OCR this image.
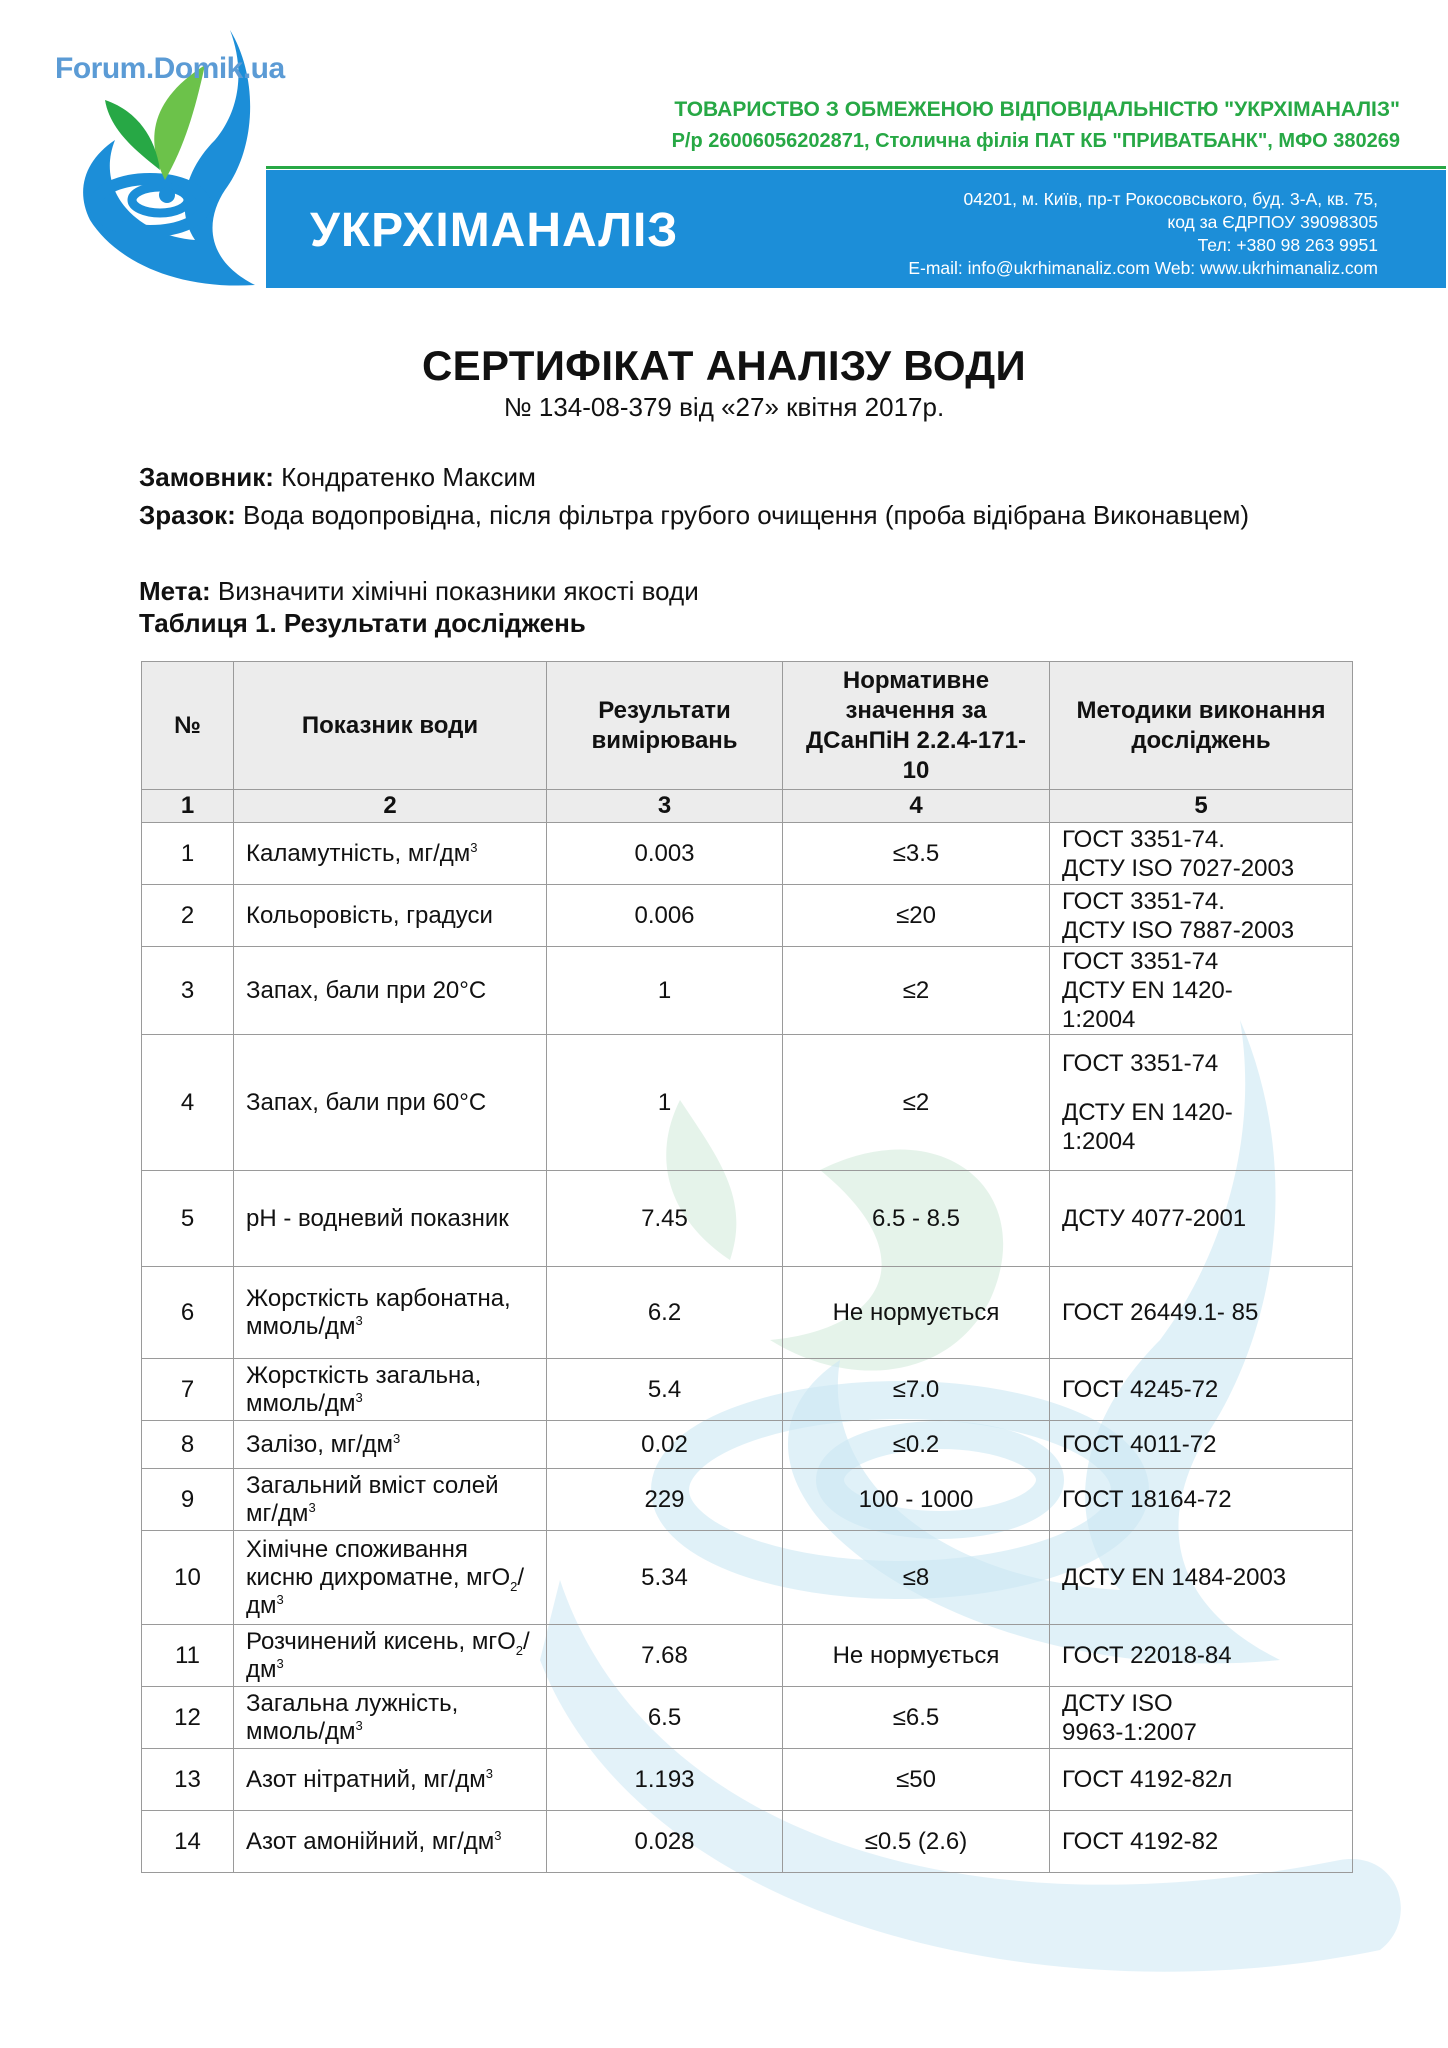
Forum.Domik.ua
ТОВАРИСТВО З ОБМЕЖЕНОЮ ВІДПОВІДАЛЬНІСТЮ "УКРХІМАНАЛІЗ"
Р/р 26006056202871, Столична філія ПАТ КБ "ПРИВАТБАНК", МФО 380269
УКРХІМАНАЛІЗ
04201, м. Київ, пр-т Рокосовського, буд. 3-А, кв. 75,
код за ЄДРПОУ 39098305
Тел: +380 98 263 9951
E-mail: info@ukrhimanaliz.com Web: www.ukrhimanaliz.com
СЕРТИФІКАТ АНАЛІЗУ ВОДИ
№ 134-08-379 від «27» квітня 2017р.
Замовник: Кондратенко Максим
Зразок: Вода водопровідна, після фільтра грубого очищення (проба відібрана Виконавцем)
Мета: Визначити хімічні показники якості води
Таблиця 1. Результати досліджень
№	Показник води	Результати вимірювань	Нормативне значення за ДСанПіН 2.2.4-171-10	Методики виконання досліджень
1	2	3	4	5
1	Каламутність, $мг/дм^3$	0.003	≤3.5	ГОСТ 3351-74.
ДСТУ ISO 7027-2003

2	Кольоровість, градуси	0.006	≤20	ГОСТ 3351-74.
ДСТУ ISO 7887-2003

3	Запах, бали при 20°С	1	≤2	ГОСТ 3351-74
ДСТУ EN 1420-
1:2004

4	Запах, бали при 60°С	1	≤2	ГОСТ 3351-74
ДСТУ EN 1420-
1:2004

5	рН - водневий показник	7.45	6.5 - 8.5	ДСТУ 4077-2001

6	Жорсткість карбонатна, ммоль/$дм^3$	6.2	Не нормується	ГОСТ 26449.1- 85

7	Жорсткість загальна, ммоль/$дм^3$	5.4	≤7.0	ГОСТ 4245-72

8	Залізо, $мг/дм^3$	0.02	≤0.2	ГОСТ 4011-72

9	Загальний вміст солей $мг/дм^3$	229	100 - 1000	ГОСТ 18164-72

10	Хімічне споживання кисню дихроматне, $мгО_2/дм^3$	5.34	≤8	ДСТУ EN 1484-2003

11	Розчинений кисень, $мгО_2/дм^3$	7.68	Не нормується	ГОСТ 22018-84

12	Загальна лужність, ммоль/$дм^3$	6.5	≤6.5	ДСТУ ISO
9963-1:2007

13	Азот нітратний, $мг/дм^3$	1.193	≤50	ГОСТ 4192-82л

14	Азот амонійний, $мг/дм^3$	0.028	≤0.5 (2.6)	ГОСТ 4192-82
